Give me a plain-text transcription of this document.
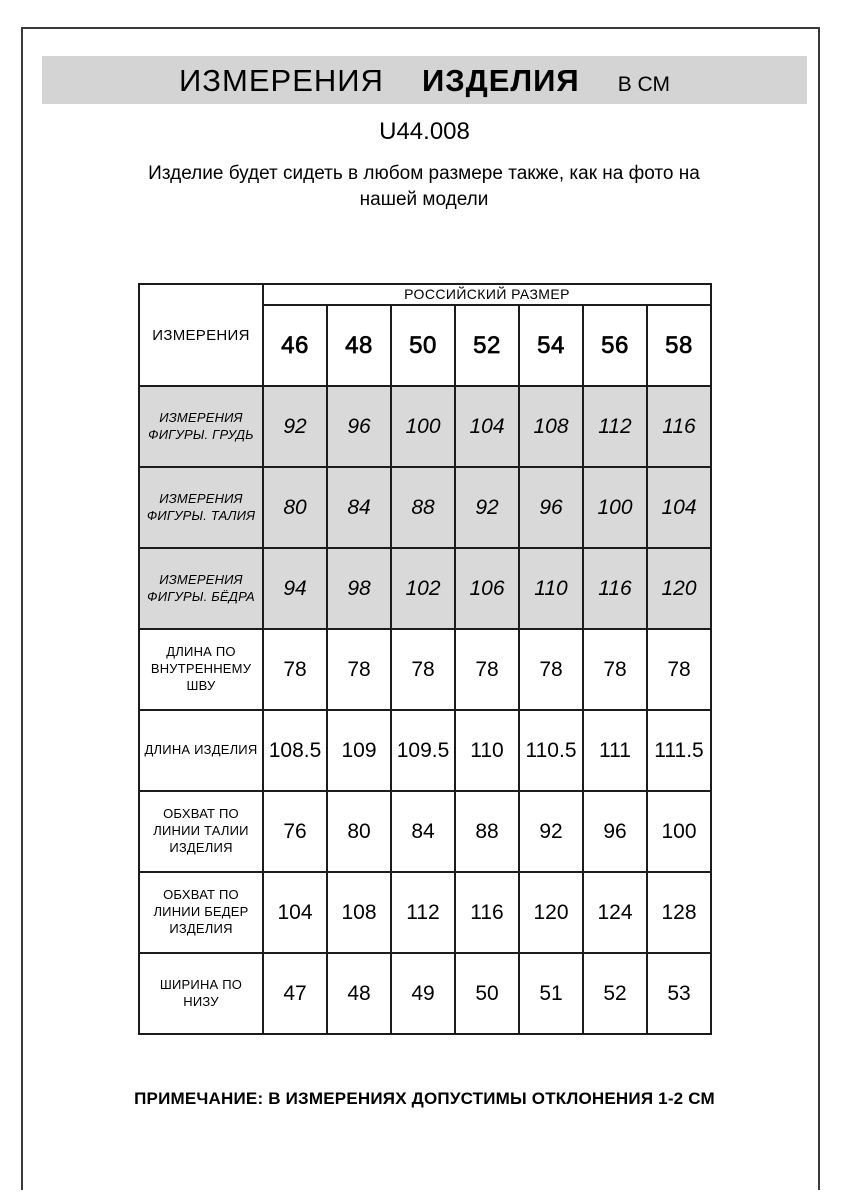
ИЗМЕРЕНИЯ ИЗДЕЛИЯ В СМ
U44.008
Изделие будет сидеть в любом размере также, как на фото на нашей модели
ИЗМЕРЕНИЯ	РОССИЙСКИЙ РАЗМЕР						
	46	48	50	52	54	56	58
ИЗМЕРЕНИЯ ФИГУРЫ. ГРУДЬ	92	96	100	104	108	112	116
ИЗМЕРЕНИЯ ФИГУРЫ. ТАЛИЯ	80	84	88	92	96	100	104
ИЗМЕРЕНИЯ ФИГУРЫ. БЁДРА	94	98	102	106	110	116	120
ДЛИНА ПО ВНУТРЕННЕМУ ШВУ	78	78	78	78	78	78	78
ДЛИНА ИЗДЕЛИЯ	108.5	109	109.5	110	110.5	111	111.5
ОБХВАТ ПО ЛИНИИ ТАЛИИ ИЗДЕЛИЯ	76	80	84	88	92	96	100
ОБХВАТ ПО ЛИНИИ БЕДЕР ИЗДЕЛИЯ	104	108	112	116	120	124	128
ШИРИНА ПО НИЗУ	47	48	49	50	51	52	53
ПРИМЕЧАНИЕ: В ИЗМЕРЕНИЯХ ДОПУСТИМЫ ОТКЛОНЕНИЯ 1-2 СМ
